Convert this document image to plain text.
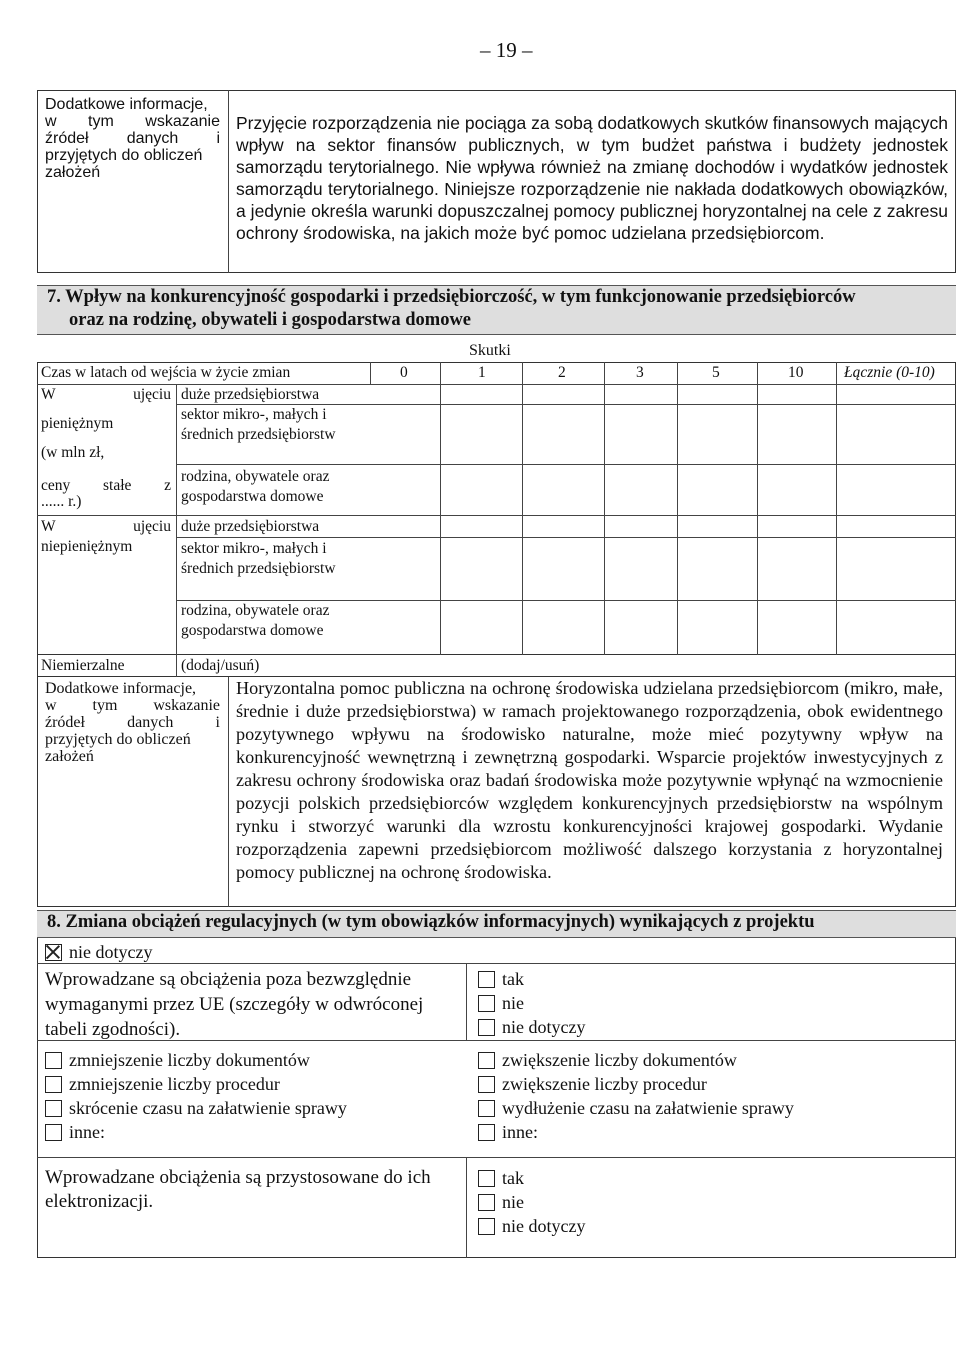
– 19 –
Dodatkowe informacje,
w tym wskazanie
źródeł danych i
przyjętych do obliczeń
założeń
Przyjęcie rozporządzenia nie pociąga za sobą dodatkowych skutków finansowych mających wpływ na sektor finansów publicznych, w tym budżet państwa i budżety jednostek samorządu terytorialnego. Nie wpływa również na zmianę dochodów i wydatków jednostek samorządu terytorialnego. Niniejsze rozporządzenie nie nakłada dodatkowych obowiązków, a jedynie określa warunki dopuszczalnej pomocy publicznej horyzontalnej na cele z zakresu ochrony środowiska, na jakich może być pomoc udzielana przedsiębiorcom.
7. Wpływ na konkurencyjność gospodarki i przedsiębiorczość, w tym funkcjonowanie przedsiębiorców
oraz na rodzinę, obywateli i gospodarstwa domowe
Skutki
Czas w latach od wejścia w życie zmian	0	1	2	3	5	10	Łącznie (0-10)
W ujęciu
pieniężnym
(w mln zł,
ceny stałe z
...... r.)
duże przedsiębiorstwa
sektor mikro-, małych i średnich przedsiębiorstw
rodzina, obywatele oraz gospodarstwa domowe
W ujęciu
niepieniężnym
duże przedsiębiorstwa
sektor mikro-, małych i średnich przedsiębiorstw
rodzina, obywatele oraz gospodarstwa domowe
Niemierzalne	(dodaj/usuń)
Dodatkowe informacje,
w tym wskazanie
źródeł danych i
przyjętych do obliczeń
założeń
Horyzontalna pomoc publiczna na ochronę środowiska udzielana przedsiębiorcom (mikro, małe, średnie i duże przedsiębiorstwa) w ramach projektowanego rozporządzenia, obok ewidentnego pozytywnego wpływu na środowisko naturalne, może mieć pozytywny wpływ na konkurencyjność wewnętrzną i zewnętrzną gospodarki. Wsparcie projektów inwestycyjnych z zakresu ochrony środowiska oraz badań środowiska może pozytywnie wpłynąć na wzmocnienie pozycji polskich przedsiębiorców względem konkurencyjnych przedsiębiorstw na wspólnym rynku i stworzyć warunki dla wzrostu konkurencyjności krajowej gospodarki. Wydanie rozporządzenia zapewni przedsiębiorcom możliwość dalszego korzystania z horyzontalnej pomocy publicznej na ochronę środowiska.
8. Zmiana obciążeń regulacyjnych (w tym obowiązków informacyjnych) wynikających z projektu
nie dotyczy
Wprowadzane są obciążenia poza bezwzględnie wymaganymi przez UE (szczegóły w odwróconej tabeli zgodności).
tak
nie
nie dotyczy
zmniejszenie liczby dokumentów
zmniejszenie liczby procedur
skrócenie czasu na załatwienie sprawy
inne:
zwiększenie liczby dokumentów
zwiększenie liczby procedur
wydłużenie czasu na załatwienie sprawy
inne:
Wprowadzane obciążenia są przystosowane do ich elektronizacji.
tak
nie
nie dotyczy
